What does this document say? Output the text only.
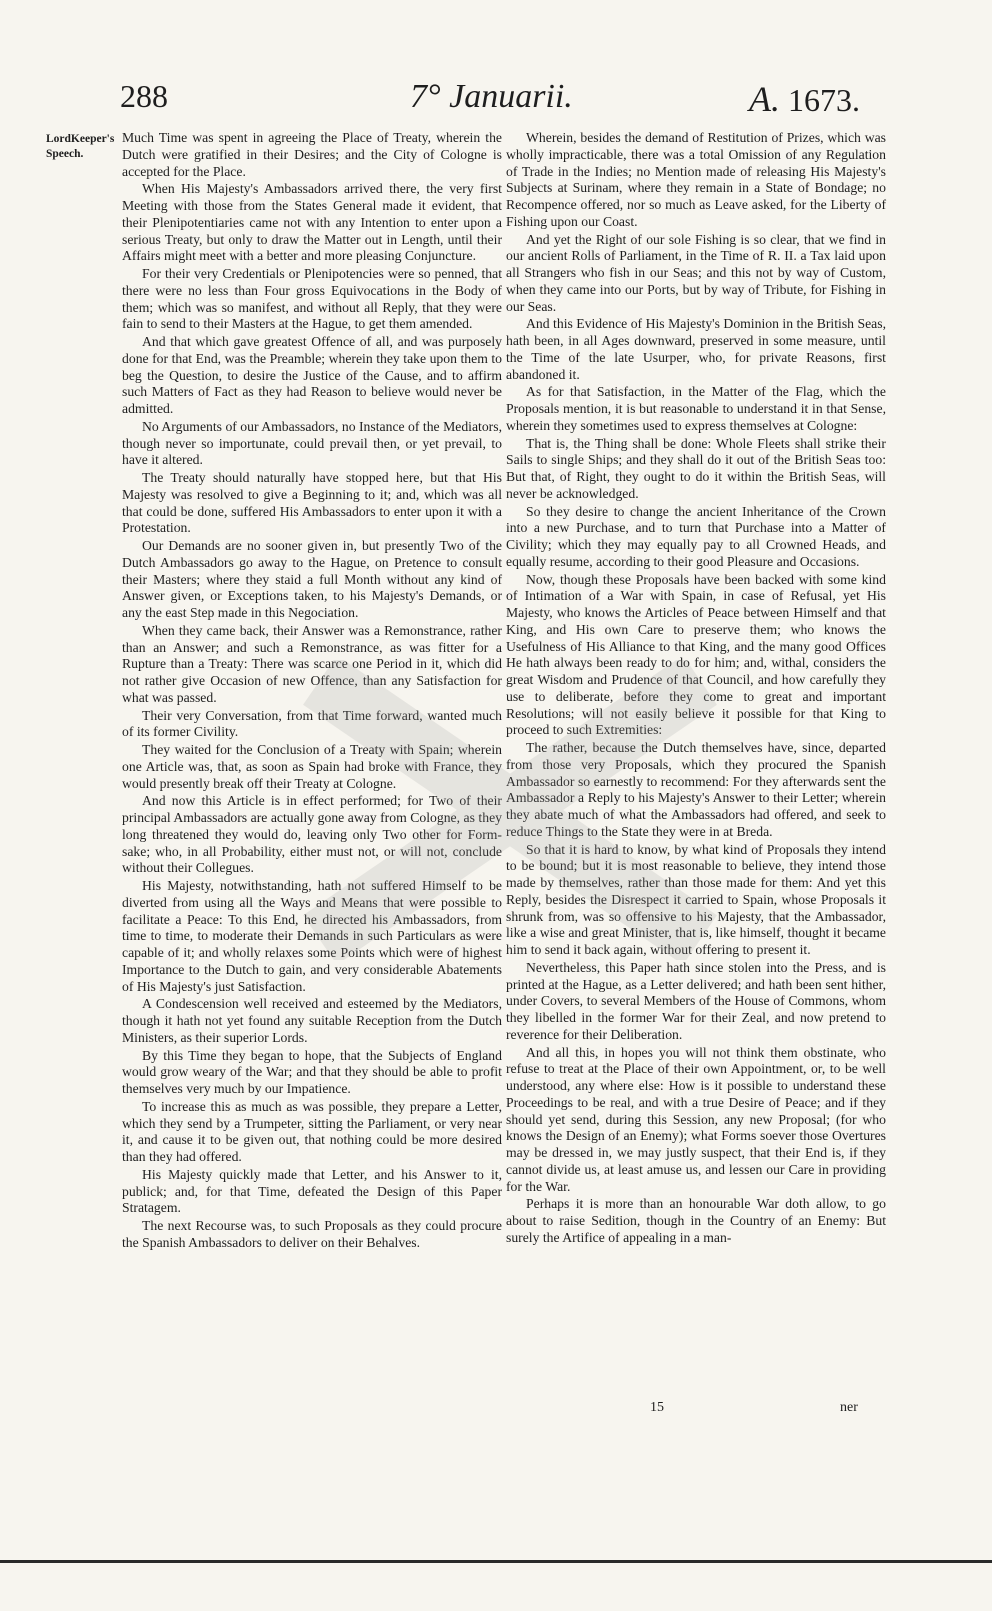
288	7° Januarii.	A. 1673.
LordKeeper's
Speech.

Much Time was spent in agreeing the Place of Treaty, wherein the Dutch were gratified in their Desires; and the City of Cologne is accepted for the Place.

When His Majesty's Ambassadors arrived there, the very first Meeting with those from the States General made it evident, that their Plenipotentiaries came not with any Intention to enter upon a serious Treaty, but only to draw the Matter out in Length, until their Affairs might meet with a better and more pleasing Conjuncture.

For their very Credentials or Plenipotencies were so penned, that there were no less than Four gross Equivocations in the Body of them; which was so manifest, and without all Reply, that they were fain to send to their Masters at the Hague, to get them amended.

And that which gave greatest Offence of all, and was purposely done for that End, was the Preamble; wherein they take upon them to beg the Question, to desire the Justice of the Cause, and to affirm such Matters of Fact as they had Reason to believe would never be admitted.

No Arguments of our Ambassadors, no Instance of the Mediators, though never so importunate, could prevail then, or yet prevail, to have it altered.

The Treaty should naturally have stopped here, but that His Majesty was resolved to give a Beginning to it; and, which was all that could be done, suffered His Ambassadors to enter upon it with a Protestation.

Our Demands are no sooner given in, but presently Two of the Dutch Ambassadors go away to the Hague, on Pretence to consult their Masters; where they staid a full Month without any kind of Answer given, or Exceptions taken, to his Majesty's Demands, or any the east Step made in this Negociation.

When they came back, their Answer was a Remonstrance, rather than an Answer; and such a Remonstrance, as was fitter for a Rupture than a Treaty: There was scarce one Period in it, which did not rather give Occasion of new Offence, than any Satisfaction for what was passed.

Their very Conversation, from that Time forward, wanted much of its former Civility.

They waited for the Conclusion of a Treaty with Spain; wherein one Article was, that, as soon as Spain had broke with France, they would presently break off their Treaty at Cologne.

And now this Article is in effect performed; for Two of their principal Ambassadors are actually gone away from Cologne, as they long threatened they would do, leaving only Two other for Form-sake; who, in all Probability, either must not, or will not, conclude without their Collegues.

His Majesty, notwithstanding, hath not suffered Himself to be diverted from using all the Ways and Means that were possible to facilitate a Peace: To this End, he directed his Ambassadors, from time to time, to moderate their Demands in such Particulars as were capable of it; and wholly relaxes some Points which were of highest Importance to the Dutch to gain, and very considerable Abatements of His Majesty's just Satisfaction.

A Condescension well received and esteemed by the Mediators, though it hath not yet found any suitable Reception from the Dutch Ministers, as their superior Lords.

By this Time they began to hope, that the Subjects of England would grow weary of the War; and that they should be able to profit themselves very much by our Impatience.

To increase this as much as was possible, they prepare a Letter, which they send by a Trumpeter, sitting the Parliament, or very near it, and cause it to be given out, that nothing could be more desired than they had offered.

His Majesty quickly made that Letter, and his Answer to it, publick; and, for that Time, defeated the Design of this Paper Stratagem.

The next Recourse was, to such Proposals as they could procure the Spanish Ambassadors to deliver on their Behalves.

Wherein, besides the demand of Restitution of Prizes, which was wholly impracticable, there was a total Omission of any Regulation of Trade in the Indies; no Mention made of releasing His Majesty's Subjects at Surinam, where they remain in a State of Bondage; no Recompence offered, nor so much as Leave asked, for the Liberty of Fishing upon our Coast.

And yet the Right of our sole Fishing is so clear, that we find in our ancient Rolls of Parliament, in the Time of R. II. a Tax laid upon all Strangers who fish in our Seas; and this not by way of Custom, when they came into our Ports, but by way of Tribute, for Fishing in our Seas.

And this Evidence of His Majesty's Dominion in the British Seas, hath been, in all Ages downward, preserved in some measure, until the Time of the late Usurper, who, for private Reasons, first abandoned it.

As for that Satisfaction, in the Matter of the Flag, which the Proposals mention, it is but reasonable to understand it in that Sense, wherein they sometimes used to express themselves at Cologne:

That is, the Thing shall be done: Whole Fleets shall strike their Sails to single Ships; and they shall do it out of the British Seas too: But that, of Right, they ought to do it within the British Seas, will never be acknowledged.

So they desire to change the ancient Inheritance of the Crown into a new Purchase, and to turn that Purchase into a Matter of Civility; which they may equally pay to all Crowned Heads, and equally resume, according to their good Pleasure and Occasions.

Now, though these Proposals have been backed with some kind of Intimation of a War with Spain, in case of Refusal, yet His Majesty, who knows the Articles of Peace between Himself and that King, and His own Care to preserve them; who knows the Usefulness of His Alliance to that King, and the many good Offices He hath always been ready to do for him; and, withal, considers the great Wisdom and Prudence of that Council, and how carefully they use to deliberate, before they come to great and important Resolutions; will not easily believe it possible for that King to proceed to such Extremities:

The rather, because the Dutch themselves have, since, departed from those very Proposals, which they procured the Spanish Ambassador so earnestly to recommend: For they afterwards sent the Ambassador a Reply to his Majesty's Answer to their Letter; wherein they abate much of what the Ambassadors had offered, and seek to reduce Things to the State they were in at Breda.

So that it is hard to know, by what kind of Proposals they intend to be bound; but it is most reasonable to believe, they intend those made by themselves, rather than those made for them: And yet this Reply, besides the Disrespect it carried to Spain, whose Proposals it shrunk from, was so offensive to his Majesty, that the Ambassador, like a wise and great Minister, that is, like himself, thought it became him to send it back again, without offering to present it.

Nevertheless, this Paper hath since stolen into the Press, and is printed at the Hague, as a Letter delivered; and hath been sent hither, under Covers, to several Members of the House of Commons, whom they libelled in the former War for their Zeal, and now pretend to reverence for their Deliberation.

And all this, in hopes you will not think them obstinate, who refuse to treat at the Place of their own Appointment, or, to be well understood, any where else: How is it possible to understand these Proceedings to be real, and with a true Desire of Peace; and if they should yet send, during this Session, any new Proposal; (for who knows the Design of an Enemy); what Forms soever those Overtures may be dressed in, we may justly suspect, that their End is, if they cannot divide us, at least amuse us, and lessen our Care in providing for the War.

Perhaps it is more than an honourable War doth allow, to go about to raise Sedition, though in the Country of an Enemy: But surely the Artifice of appealing in a man-

15	ner
